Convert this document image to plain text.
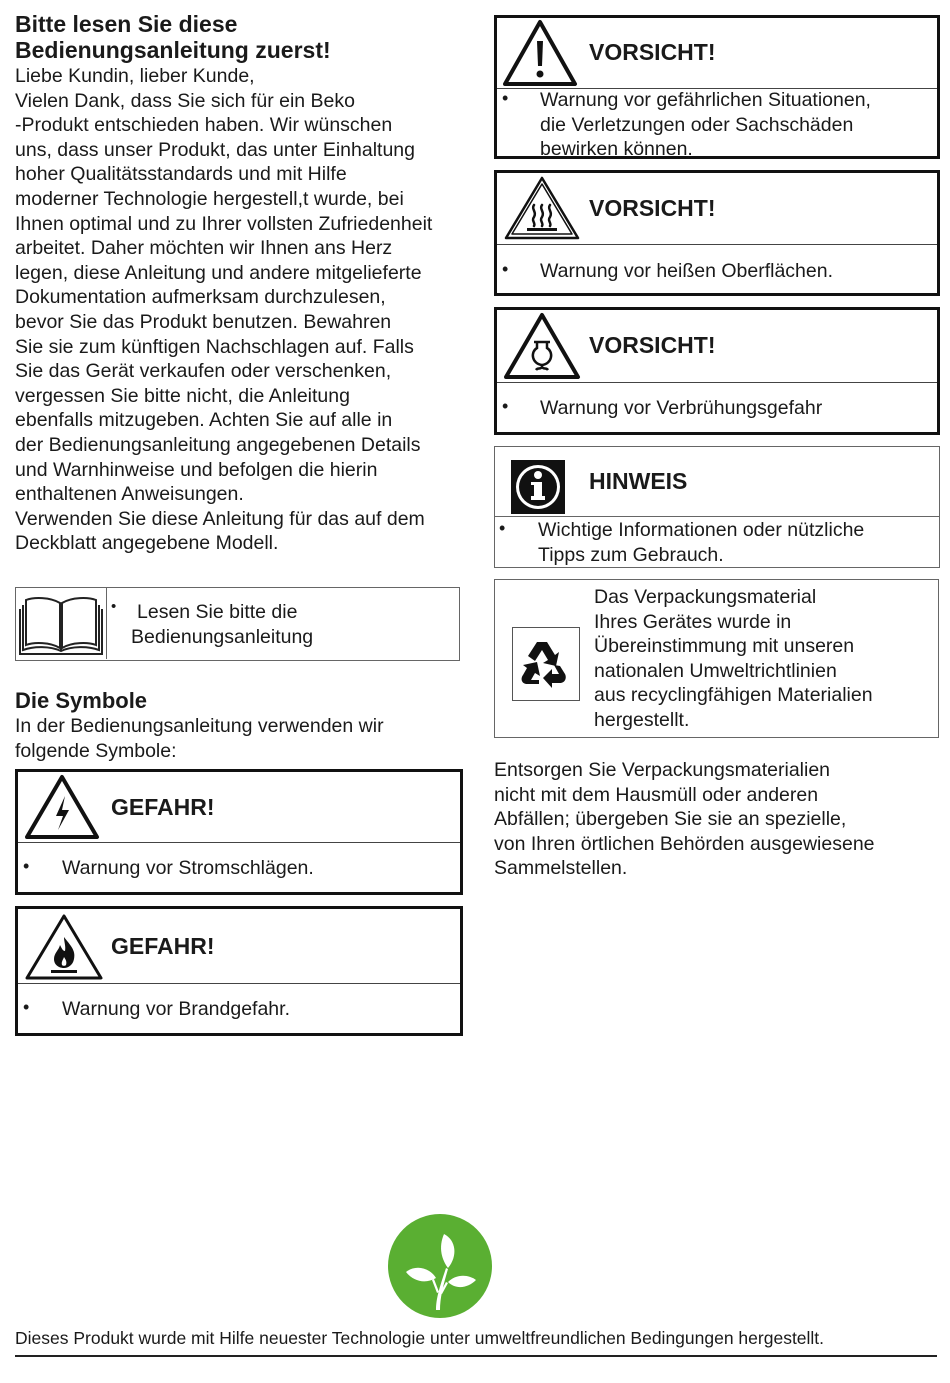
Bitte lesen Sie diese
Bedienungsanleitung zuerst!
Liebe Kundin, lieber Kunde,
Vielen Dank, dass Sie sich für ein Beko
-Produkt entschieden haben. Wir wünschen
uns, dass unser Produkt, das unter Einhaltung
hoher Qualitätsstandards und mit Hilfe
moderner Technologie hergestell,t wurde, bei
Ihnen optimal und zu Ihrer vollsten Zufriedenheit
arbeitet. Daher möchten wir Ihnen ans Herz
legen, diese Anleitung und andere mitgelieferte
Dokumentation aufmerksam durchzulesen,
bevor Sie das Produkt benutzen. Bewahren
Sie sie zum künftigen Nachschlagen auf. Falls
Sie das Gerät verkaufen oder verschenken,
vergessen Sie bitte nicht, die Anleitung
ebenfalls mitzugeben. Achten Sie auf alle in
der Bedienungsanleitung angegebenen Details
und Warnhinweise und befolgen die hierin
enthaltenen Anweisungen.
Verwenden Sie diese Anleitung für das auf dem
Deckblatt angegebene Modell.
• Lesen Sie bitte die
Bedienungsanleitung
Die Symbole
In der Bedienungsanleitung verwenden wir
folgende Symbole:
GEFAHR!
• Warnung vor Stromschlägen.
GEFAHR!
• Warnung vor Brandgefahr.
VORSICHT!
• Warnung vor gefährlichen Situationen,
die Verletzungen oder Sachschäden
bewirken können.
VORSICHT!
• Warnung vor heißen Oberflächen.
VORSICHT!
• Warnung vor Verbrühungsgefahr
HINWEIS
• Wichtige Informationen oder nützliche
Tipps zum Gebrauch.
Das Verpackungsmaterial
Ihres Gerätes wurde in
Übereinstimmung mit unseren
nationalen Umweltrichtlinien
aus recyclingfähigen Materialien
hergestellt.
Entsorgen Sie Verpackungsmaterialien
nicht mit dem Hausmüll oder anderen
Abfällen; übergeben Sie sie an spezielle,
von Ihren örtlichen Behörden ausgewiesene
Sammelstellen.
Dieses Produkt wurde mit Hilfe neuester Technologie unter umweltfreundlichen Bedingungen hergestellt.
